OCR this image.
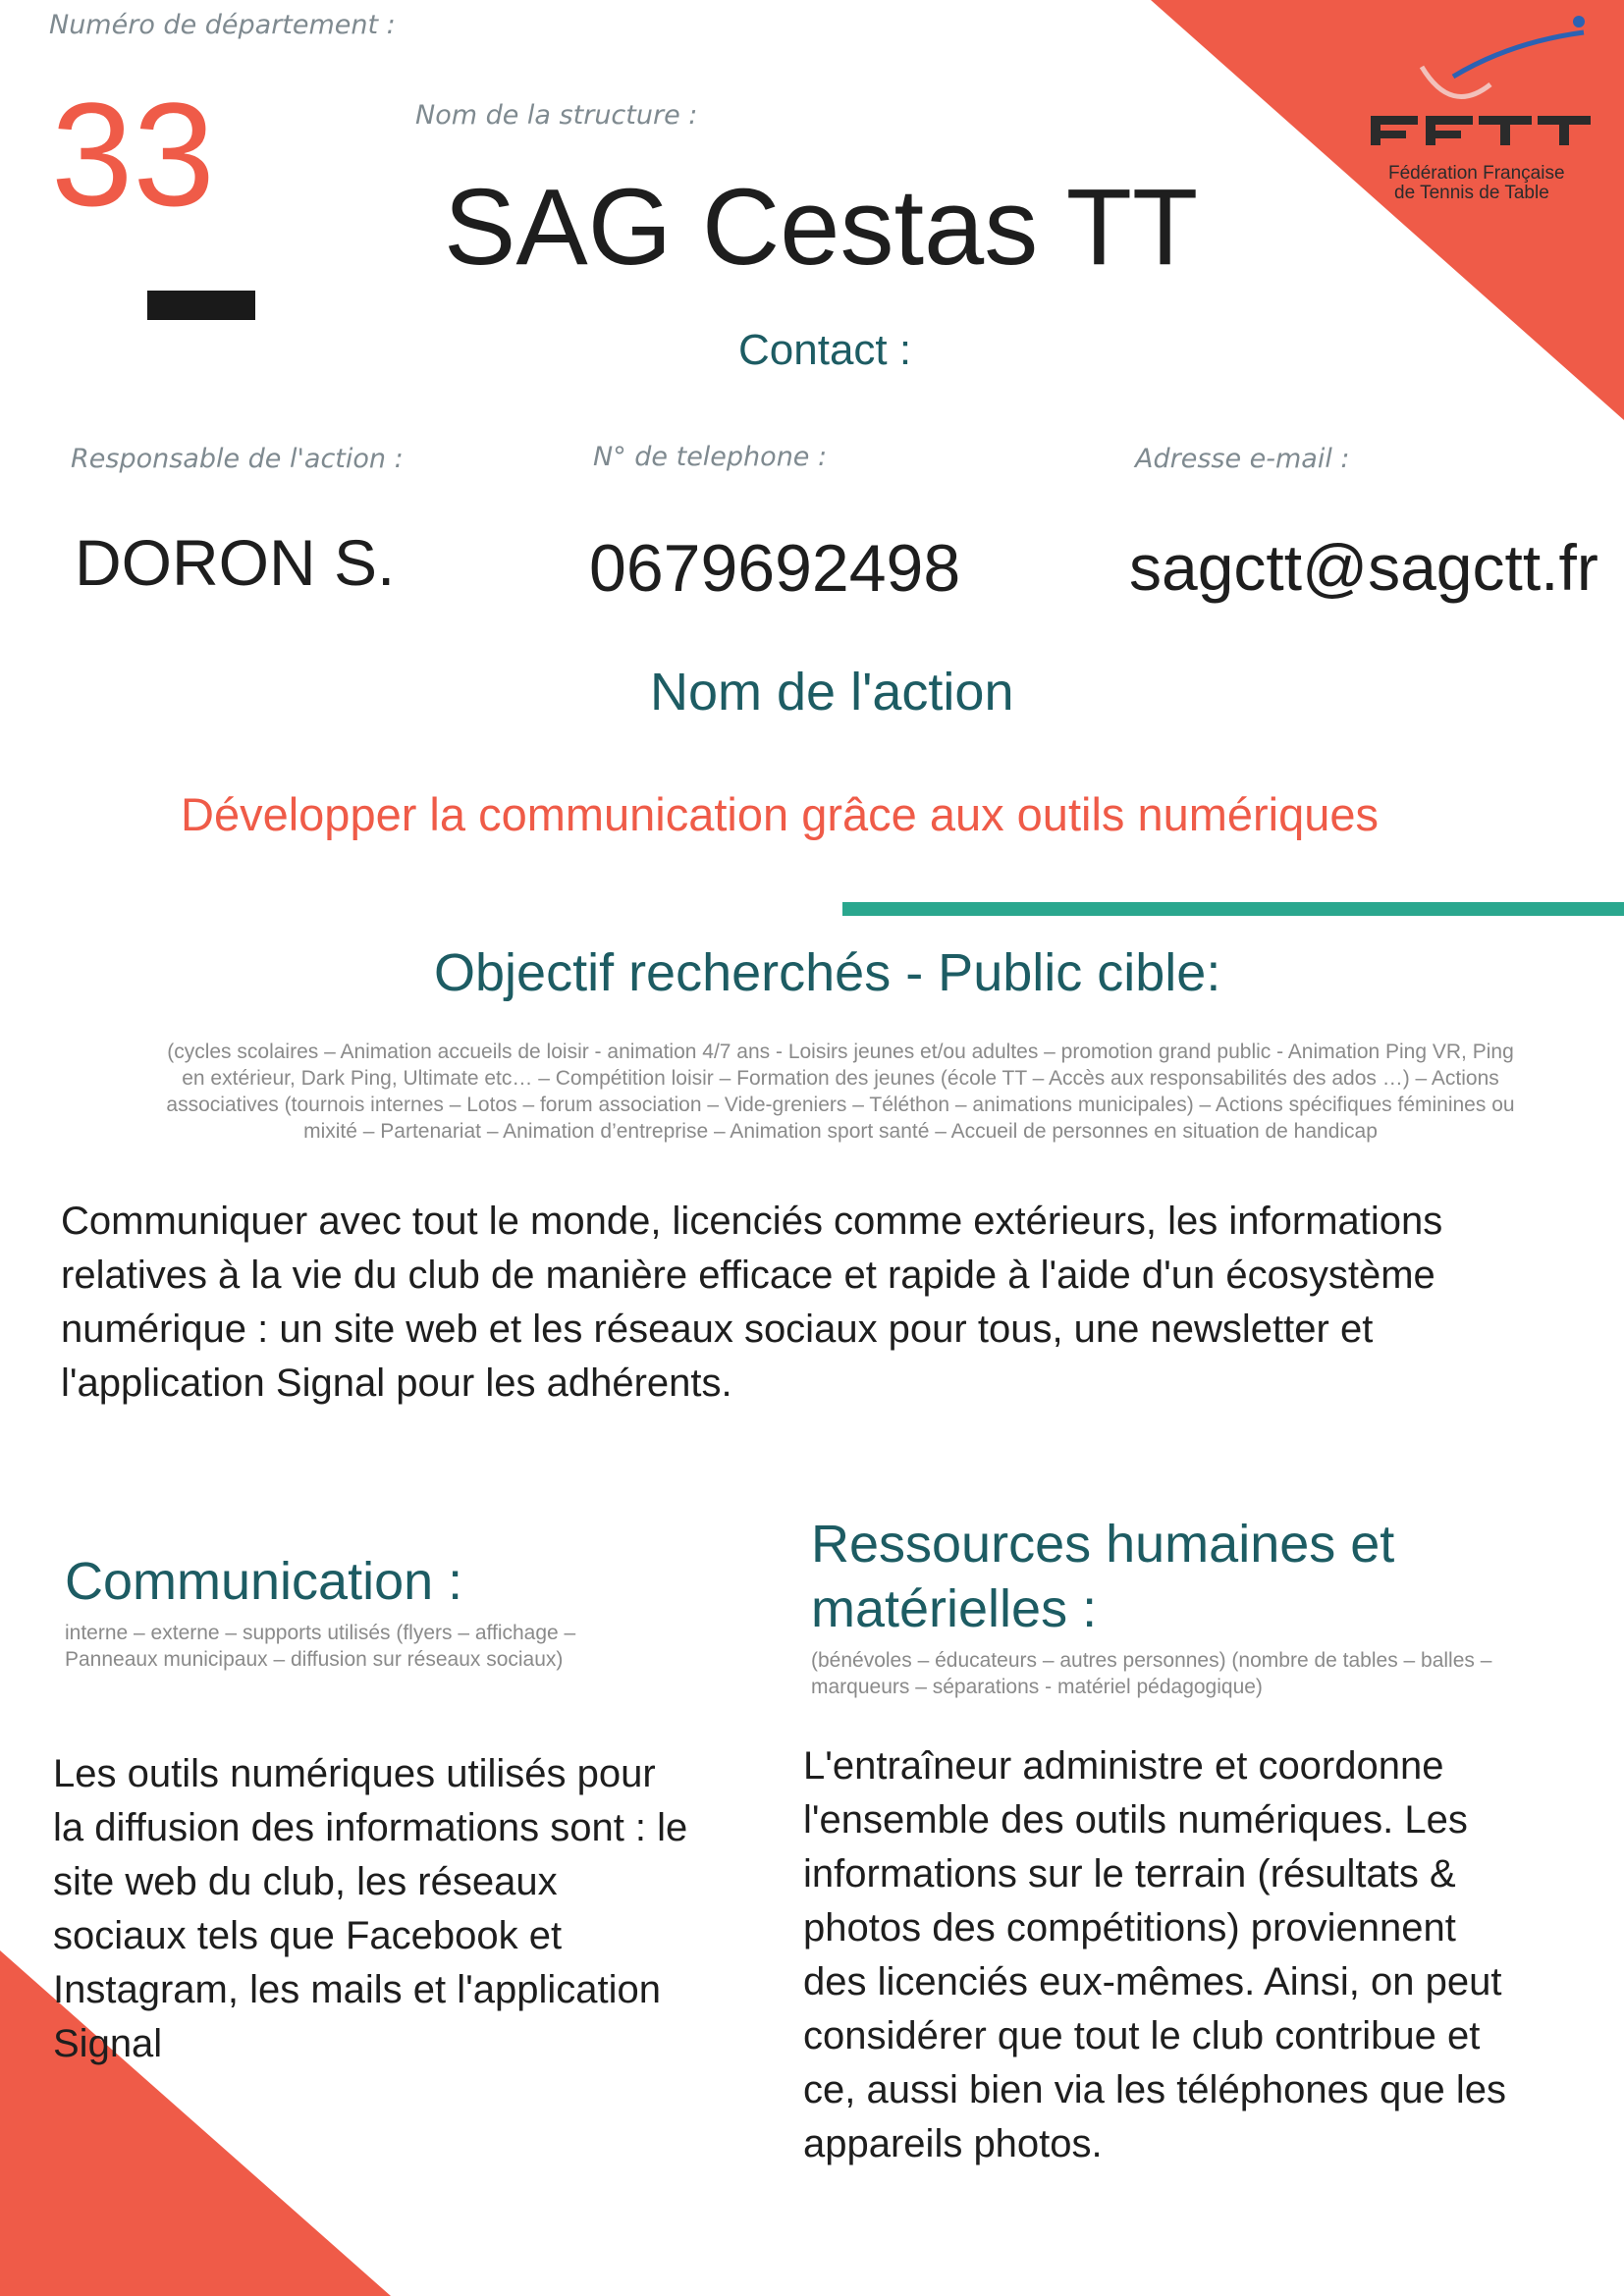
Fédération Française
de Tennis de Table
Numéro de département :
33	Nom de la structure :
SAG Cestas TT
Contact :
Responsable de l'action :
DORON S.
N° de telephone :
0679692498
Adresse e-mail :
sagctt@sagctt.fr
Nom de l'action
Développer la communication grâce aux outils numériques
Objectif recherchés - Public cible:
(cycles scolaires – Animation accueils de loisir - animation 4/7 ans - Loisirs jeunes et/ou adultes – promotion grand public - Animation Ping VR, Ping en extérieur, Dark Ping, Ultimate etc… – Compétition loisir – Formation des jeunes (école TT – Accès aux responsabilités des ados …) – Actions associatives (tournois internes – Lotos – forum association – Vide-greniers – Téléthon – animations municipales) – Actions spécifiques féminines ou mixité – Partenariat – Animation d’entreprise – Animation sport santé – Accueil de personnes en situation de handicap
Communiquer avec tout le monde, licenciés comme extérieurs, les informations relatives à la vie du club de manière efficace et rapide à l'aide d'un écosystème numérique : un site web et les réseaux sociaux pour tous, une newsletter et l'application Signal pour les adhérents.
Communication :
interne – externe – supports utilisés (flyers – affichage – Panneaux municipaux – diffusion sur réseaux sociaux)
Les outils numériques utilisés pour la diffusion des informations sont : le site web du club, les réseaux sociaux tels que Facebook et Instagram, les mails et l'application Signal
Ressources humaines et matérielles :
(bénévoles – éducateurs – autres personnes) (nombre de tables – balles – marqueurs – séparations - matériel pédagogique)
L'entraîneur administre et coordonne l'ensemble des outils numériques. Les informations sur le terrain (résultats & photos des compétitions) proviennent des licenciés eux-mêmes. Ainsi, on peut considérer que tout le club contribue et ce, aussi bien via les téléphones que les appareils photos.
